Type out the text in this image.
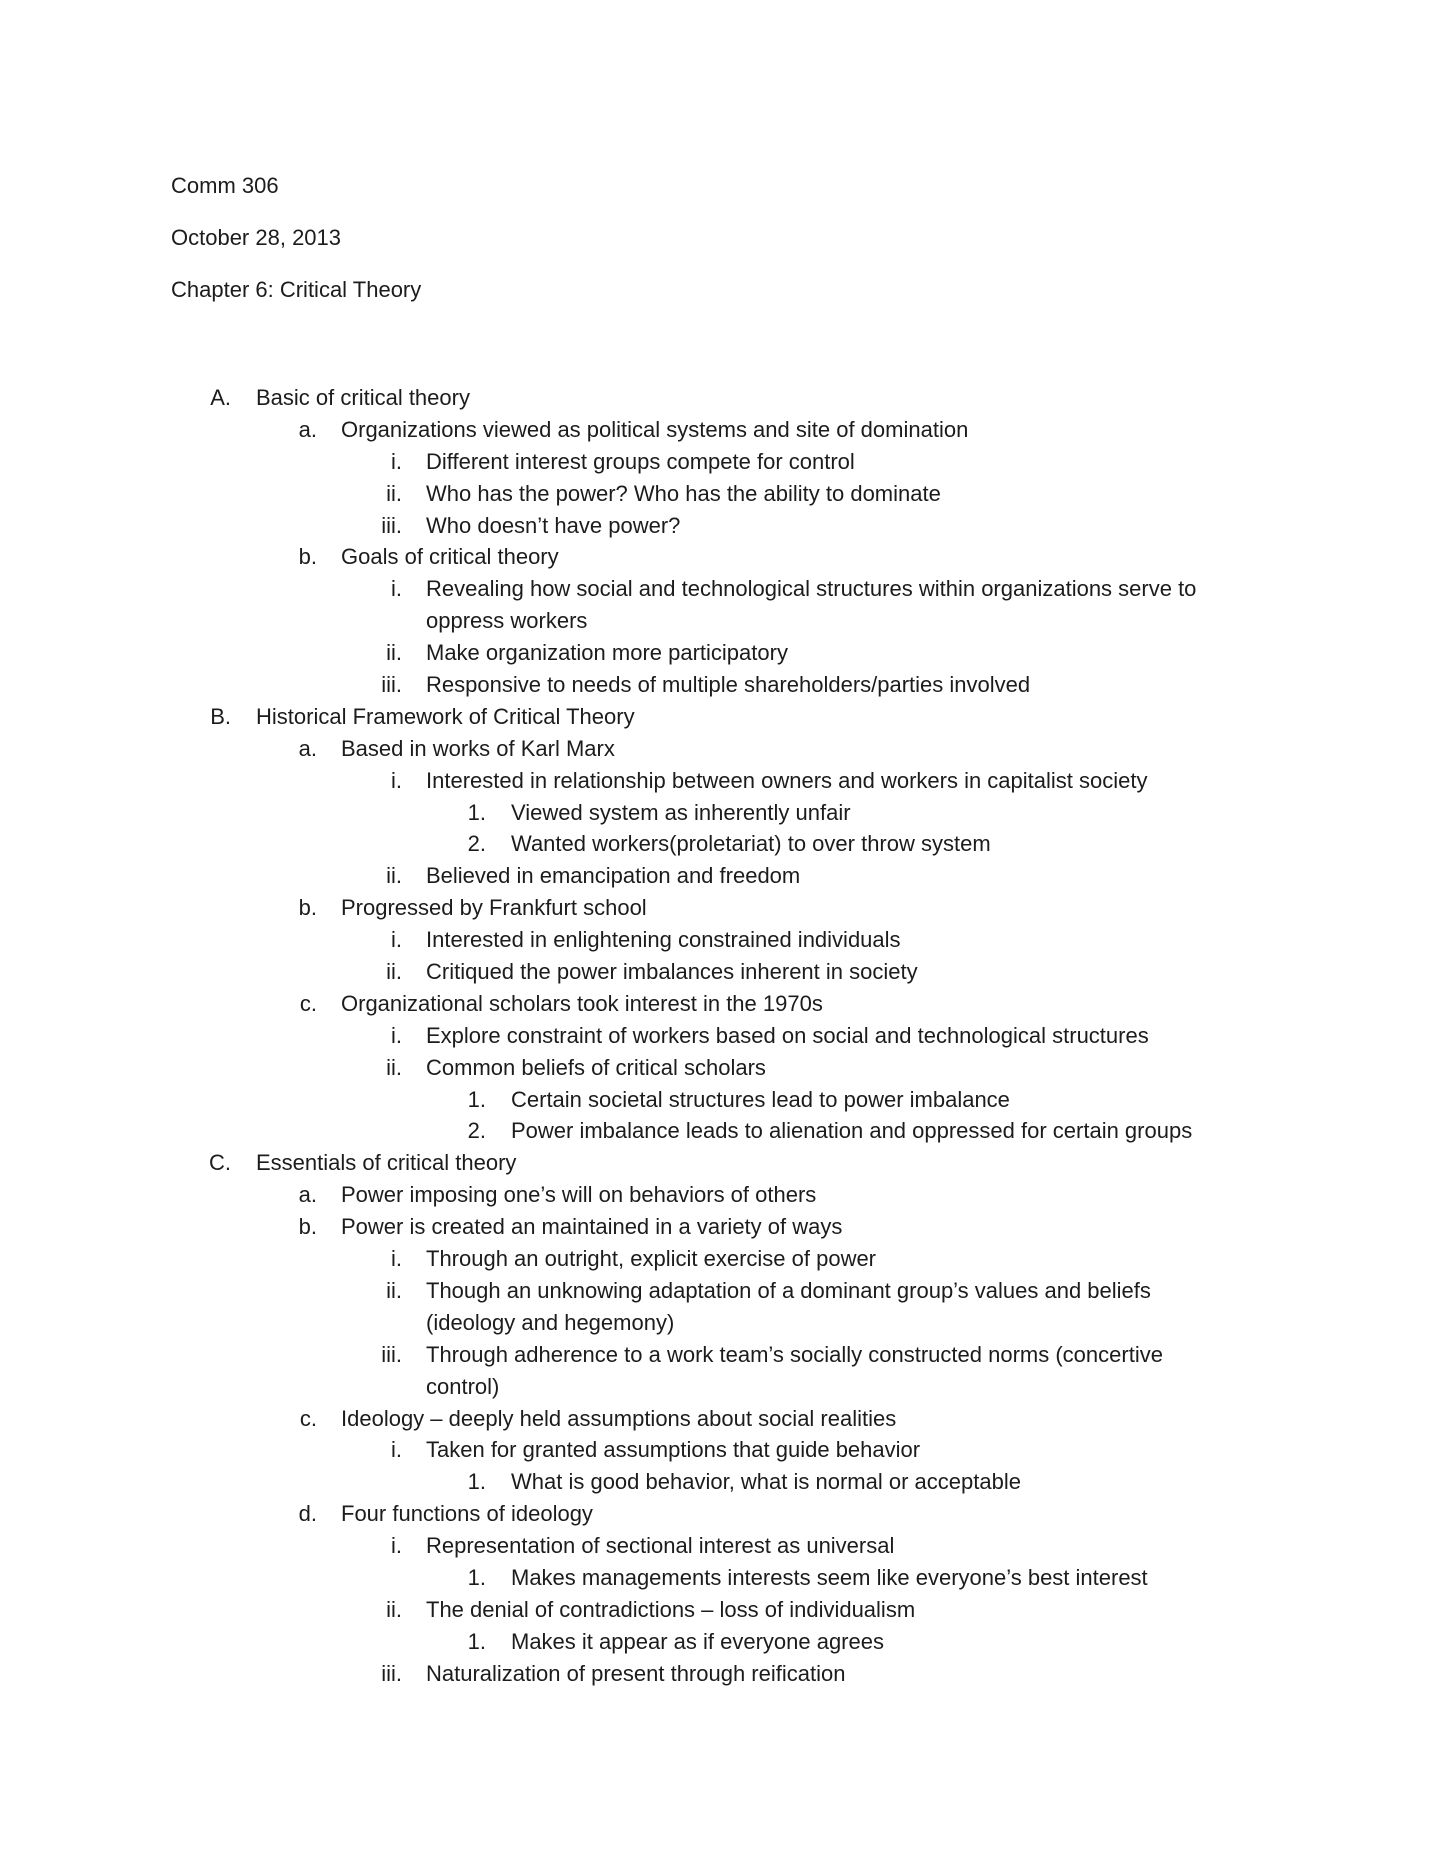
Comm 306
October 28, 2013
Chapter 6: Critical Theory
A. Basic of critical theory
a. Organizations viewed as political systems and site of domination
i. Different interest groups compete for control
ii. Who has the power? Who has the ability to dominate
iii. Who doesn’t have power?
b. Goals of critical theory
i. Revealing how social and technological structures within organizations serve to
oppress workers
ii. Make organization more participatory
iii. Responsive to needs of multiple shareholders/parties involved
B. Historical Framework of Critical Theory
a. Based in works of Karl Marx
i. Interested in relationship between owners and workers in capitalist society
1. Viewed system as inherently unfair
2. Wanted workers(proletariat) to over throw system
ii. Believed in emancipation and freedom
b. Progressed by Frankfurt school
i. Interested in enlightening constrained individuals
ii. Critiqued the power imbalances inherent in society
c. Organizational scholars took interest in the 1970s
i. Explore constraint of workers based on social and technological structures
ii. Common beliefs of critical scholars
1. Certain societal structures lead to power imbalance
2. Power imbalance leads to alienation and oppressed for certain groups
C. Essentials of critical theory
a. Power imposing one’s will on behaviors of others
b. Power is created an maintained in a variety of ways
i. Through an outright, explicit exercise of power
ii. Though an unknowing adaptation of a dominant group’s values and beliefs
(ideology and hegemony)
iii. Through adherence to a work team’s socially constructed norms (concertive
control)
c. Ideology – deeply held assumptions about social realities
i. Taken for granted assumptions that guide behavior
1. What is good behavior, what is normal or acceptable
d. Four functions of ideology
i. Representation of sectional interest as universal
1. Makes managements interests seem like everyone’s best interest
ii. The denial of contradictions – loss of individualism
1. Makes it appear as if everyone agrees
iii. Naturalization of present through reification
